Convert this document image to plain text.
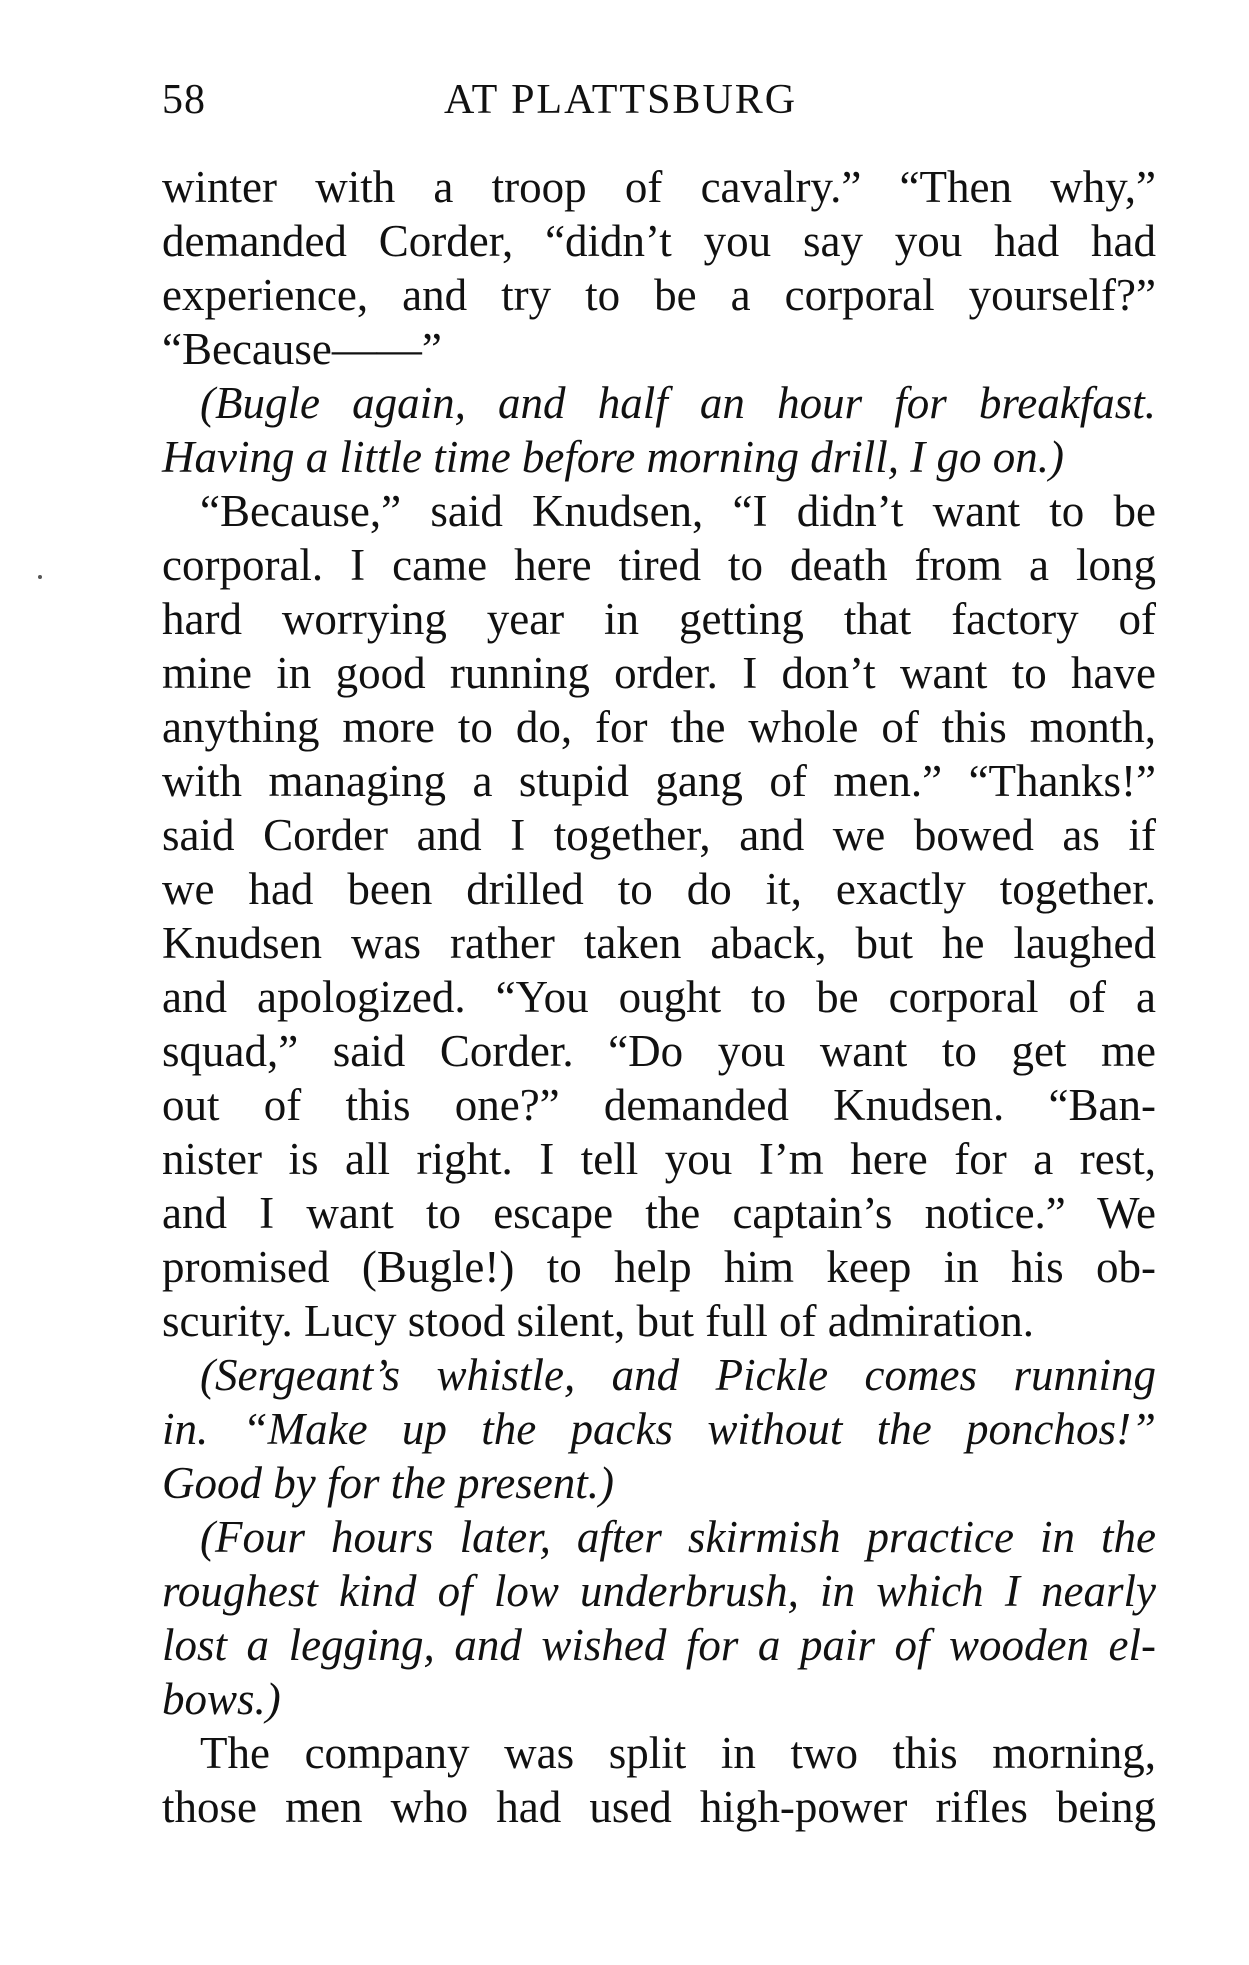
58	AT PLATTSBURG
winter with a troop of cavalry.” “Then why,”
demanded Corder, “didn’t you say you had had
experience, and try to be a corporal yourself?”
“Because——”
(Bugle again, and half an hour for breakfast.
Having a little time before morning drill, I go on.)
“Because,” said Knudsen, “I didn’t want to be
corporal. I came here tired to death from a long
hard worrying year in getting that factory of
mine in good running order. I don’t want to have
anything more to do, for the whole of this month,
with managing a stupid gang of men.” “Thanks!”
said Corder and I together, and we bowed as if
we had been drilled to do it, exactly together.
Knudsen was rather taken aback, but he laughed
and apologized. “You ought to be corporal of a
squad,” said Corder. “Do you want to get me
out of this one?” demanded Knudsen. “Ban-
nister is all right. I tell you I’m here for a rest,
and I want to escape the captain’s notice.” We
promised (Bugle!) to help him keep in his ob-
scurity. Lucy stood silent, but full of admiration.
(Sergeant’s whistle, and Pickle comes running
in. “Make up the packs without the ponchos!”
Good by for the present.)
(Four hours later, after skirmish practice in the
roughest kind of low underbrush, in which I nearly
lost a legging, and wished for a pair of wooden el-
bows.)
The company was split in two this morning,
those men who had used high-power rifles being
